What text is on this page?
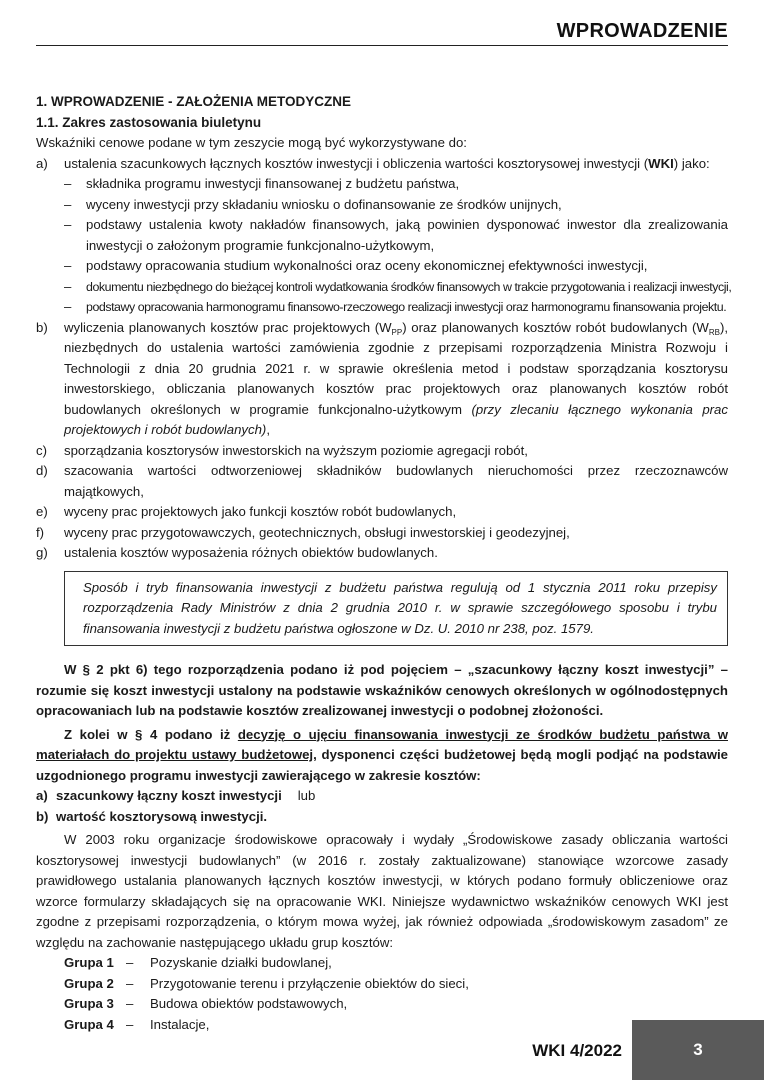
WPROWADZENIE

1. WPROWADZENIE - ZAŁOŻENIA METODYCZNE

1.1. Zakres zastosowania biuletynu

Wskaźniki cenowe podane w tym zeszycie mogą być wykorzystywane do:

a)	ustalenia szacunkowych łącznych kosztów inwestycji i obliczenia wartości kosztorysowej inwestycji (WKI) jako:
–	składnika programu inwestycji finansowanej z budżetu państwa,
–	wyceny inwestycji przy składaniu wniosku o dofinansowanie ze środków unijnych,
–	podstawy ustalenia kwoty nakładów finansowych, jaką powinien dysponować inwestor dla zrealizowania inwestycji o założonym programie funkcjonalno-użytkowym,
–	podstawy opracowania studium wykonalności oraz oceny ekonomicznej efektywności inwestycji,
–	dokumentu niezbędnego do bieżącej kontroli wydatkowania środków finansowych w trakcie przygotowania i realizacji inwestycji,
–	podstawy opracowania harmonogramu finansowo-rzeczowego realizacji inwestycji oraz harmonogramu finansowania projektu.
b)	wyliczenia planowanych kosztów prac projektowych $(W_{PP})$ oraz planowanych kosztów robót budowlanych $(W_{RB})$, niezbędnych do ustalenia wartości zamówienia zgodnie z przepisami rozporządzenia Ministra Rozwoju i Technologii z dnia 20 grudnia 2021 r. w sprawie określenia metod i podstaw sporządzania kosztorysu inwestorskiego, obliczania planowanych kosztów prac projektowych oraz planowanych kosztów robót budowlanych określonych w programie funkcjonalno-użytkowym (przy zlecaniu łącznego wykonania prac projektowych i robót budowlanych),
c)	sporządzania kosztorysów inwestorskich na wyższym poziomie agregacji robót,
d)	szacowania wartości odtworzeniowej składników budowlanych nieruchomości przez rzeczoznawców majątkowych,
e)	wyceny prac projektowych jako funkcji kosztów robót budowlanych,
f)	wyceny prac przygotowawczych, geotechnicznych, obsługi inwestorskiej i geodezyjnej,
g)	ustalenia kosztów wyposażenia różnych obiektów budowlanych.
Sposób i tryb finansowania inwestycji z budżetu państwa regulują od 1 stycznia 2011 roku przepisy rozporządzenia Rady Ministrów z dnia 2 grudnia 2010 r. w sprawie szczegółowego sposobu i trybu finansowania inwestycji z budżetu państwa ogłoszone w Dz. U. 2010 nr 238, poz. 1579.

W § 2 pkt 6) tego rozporządzenia podano iż pod pojęciem – „szacunkowy łączny koszt inwestycji” – rozumie się koszt inwestycji ustalony na podstawie wskaźników cenowych określonych w ogólnodostępnych opracowaniach lub na podstawie kosztów zrealizowanej inwestycji o podobnej złożoności.

Z kolei w § 4 podano iż decyzję o ujęciu finansowania inwestycji ze środków budżetu państwa w materiałach do projektu ustawy budżetowej, dysponenci części budżetowej będą mogli podjąć na podstawie uzgodnionego programu inwestycji zawierającego w zakresie kosztów:

a) szacunkowy łączny koszt inwestycji lub
b) wartość kosztorysową inwestycji.

W 2003 roku organizacje środowiskowe opracowały i wydały „Środowiskowe zasady obliczania wartości kosztorysowej inwestycji budowlanych” (w 2016 r. zostały zaktualizowane) stanowiące wzorcowe zasady prawidłowego ustalania planowanych łącznych kosztów inwestycji, w których podano formuły obliczeniowe oraz wzorce formularzy składających się na opracowanie WKI. Niniejsze wydawnictwo wskaźników cenowych WKI jest zgodne z przepisami rozporządzenia, o którym mowa wyżej, jak również odpowiada „środowiskowym zasadom” ze względu na zachowanie następującego układu grup kosztów:

Grupa 1 –	Pozyskanie działki budowlanej,
Grupa 2 –	Przygotowanie terenu i przyłączenie obiektów do sieci,
Grupa 3 –	Budowa obiektów podstawowych,
Grupa 4 –	Instalacje,
WKI 4/2022	3
